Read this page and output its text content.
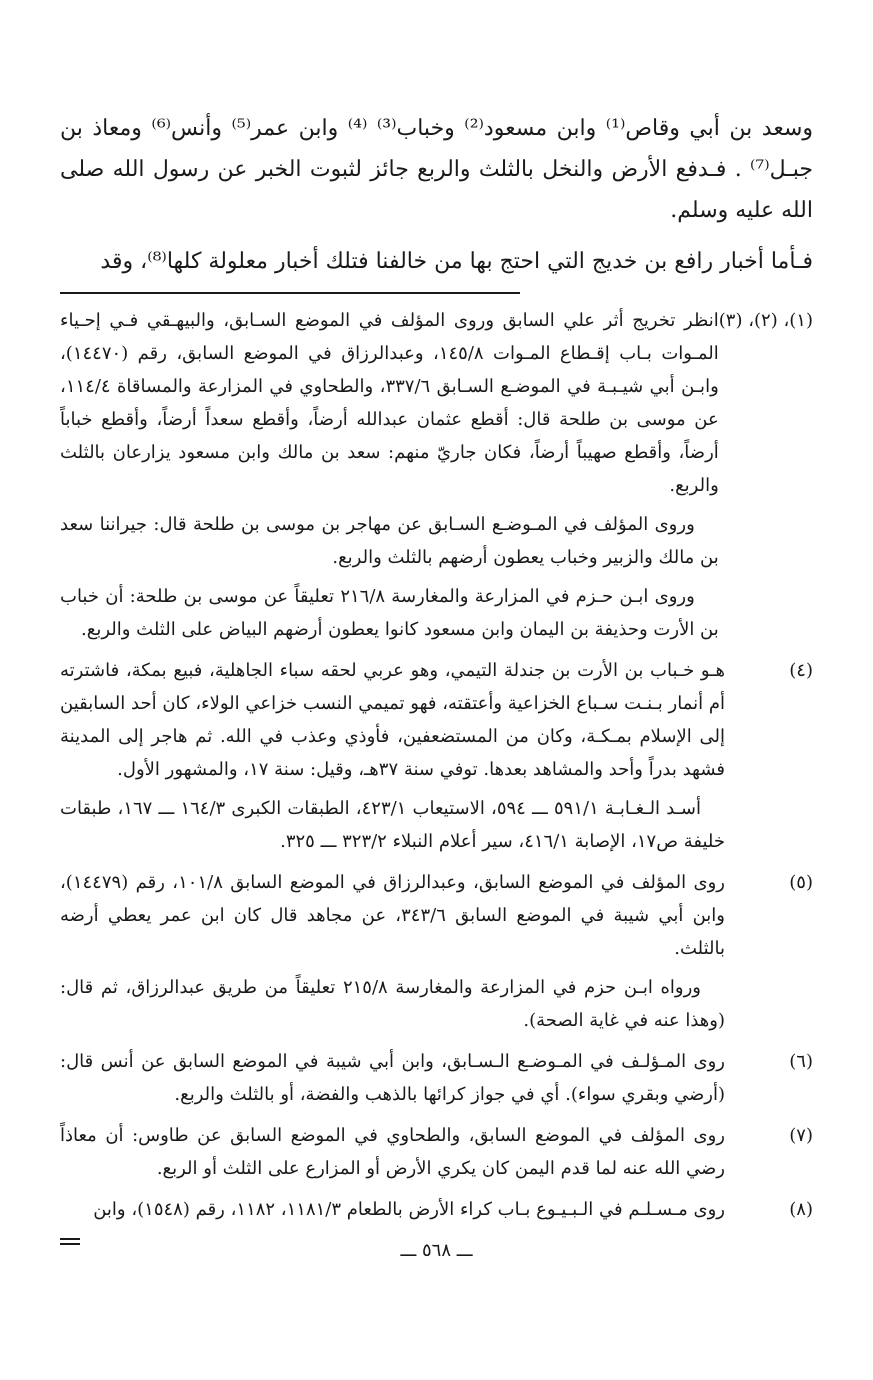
وسعد بن أبي وقاص⁽¹⁾ وابن مسعود⁽²⁾ وخباب⁽³⁾ ⁽⁴⁾ وابن عمر⁽⁵⁾ وأنس⁽⁶⁾ ومعاذ بن جبـل⁽⁷⁾ . فـدفع الأرض والنخل بالثلث والربع جائز لثبوت الخبر عن رسول الله صلى الله عليه وسلم.

فـأما أخبار رافع بن خديج التي احتج بها من خالفنا فتلك أخبار معلولة كلها⁽⁸⁾، وقد

(١)، (٢)، (٣)

انظر تخريج أثر علي السابق وروى المؤلف في الموضع السـابق، والبيهـقي فـي إحـياء المـوات بـاب إقـطاع المـوات ١٤٥/٨، وعبدالرزاق في الموضع السابق، رقم (١٤٤٧٠)، وابـن أبي شيـبـة في الموضـع السـابق ٣٣٧/٦، والطحاوي في المزارعة والمساقاة ١١٤/٤، عن موسى بن طلحة قال: أقطع عثمان عبدالله أرضاً، وأقطع سعداً أرضاً، وأقطع خباباً أرضاً، وأقطع صهيباً أرضاً، فكان جاريّ منهم: سعد بن مالك وابن مسعود يزارعان بالثلث والربع.

وروى المؤلف في المـوضـع السـابق عن مهاجر بن موسى بن طلحة قال: جيراننا سعد بن مالك والزبير وخباب يعطون أرضهم بالثلث والربع.

وروى ابـن حـزم في المزارعة والمغارسة ٢١٦/٨ تعليقاً عن موسى بن طلحة: أن خباب بن الأرت وحذيفة بن اليمان وابن مسعود كانوا يعطون أرضهم البياض على الثلث والربع.

(٤)

هـو خـباب بن الأرت بن جندلة التيمي، وهو عربي لحقه سباء الجاهلية، فبيع بمكة، فاشترته أم أنمار بـنـت سـباع الخزاعية وأعتقته، فهو تميمي النسب خزاعي الولاء، كان أحد السابقين إلى الإسلام بمـكـة، وكان من المستضعفين، فأوذي وعذب في الله. ثم هاجر إلى المدينة فشهد بدراً وأحد والمشاهد بعدها. توفي سنة ٣٧هـ، وقيل: سنة ١٧، والمشهور الأول.

أسـد الـغـابـة ٥٩١/١ ـــ ٥٩٤، الاستيعاب ٤٢٣/١، الطبقات الكبرى ١٦٤/٣ ـــ ١٦٧، طبقات خليفة ص١٧، الإصابة ٤١٦/١، سير أعلام النبلاء ٣٢٣/٢ ـــ ٣٢٥.

(٥)

روى المؤلف في الموضع السابق، وعبدالرزاق في الموضع السابق ١٠١/٨، رقم (١٤٤٧٩)، وابن أبي شيبة في الموضع السابق ٣٤٣/٦، عن مجاهد قال كان ابن عمر يعطي أرضه بالثلث.

ورواه ابـن حزم في المزارعة والمغارسة ٢١٥/٨ تعليقاً من طريق عبدالرزاق، ثم قال: (وهذا عنه في غاية الصحة).

(٦)

روى المـؤلـف في المـوضـع الـسـابق، وابن أبي شيبة في الموضع السابق عن أنس قال: (أرضي وبقري سواء). أي في جواز كرائها بالذهب والفضة، أو بالثلث والربع.

(٧)

روى المؤلف في الموضع السابق، والطحاوي في الموضع السابق عن طاوس: أن معاذاً رضي الله عنه لما قدم اليمن كان يكري الأرض أو المزارع على الثلث أو الربع.

(٨)

روى مـسـلـم في الـبـيـوع بـاب كراء الأرض بالطعام ١١٨١/٣، ١١٨٢، رقم (١٥٤٨)، وابن

ـــ ٥٦٨ ـــ
